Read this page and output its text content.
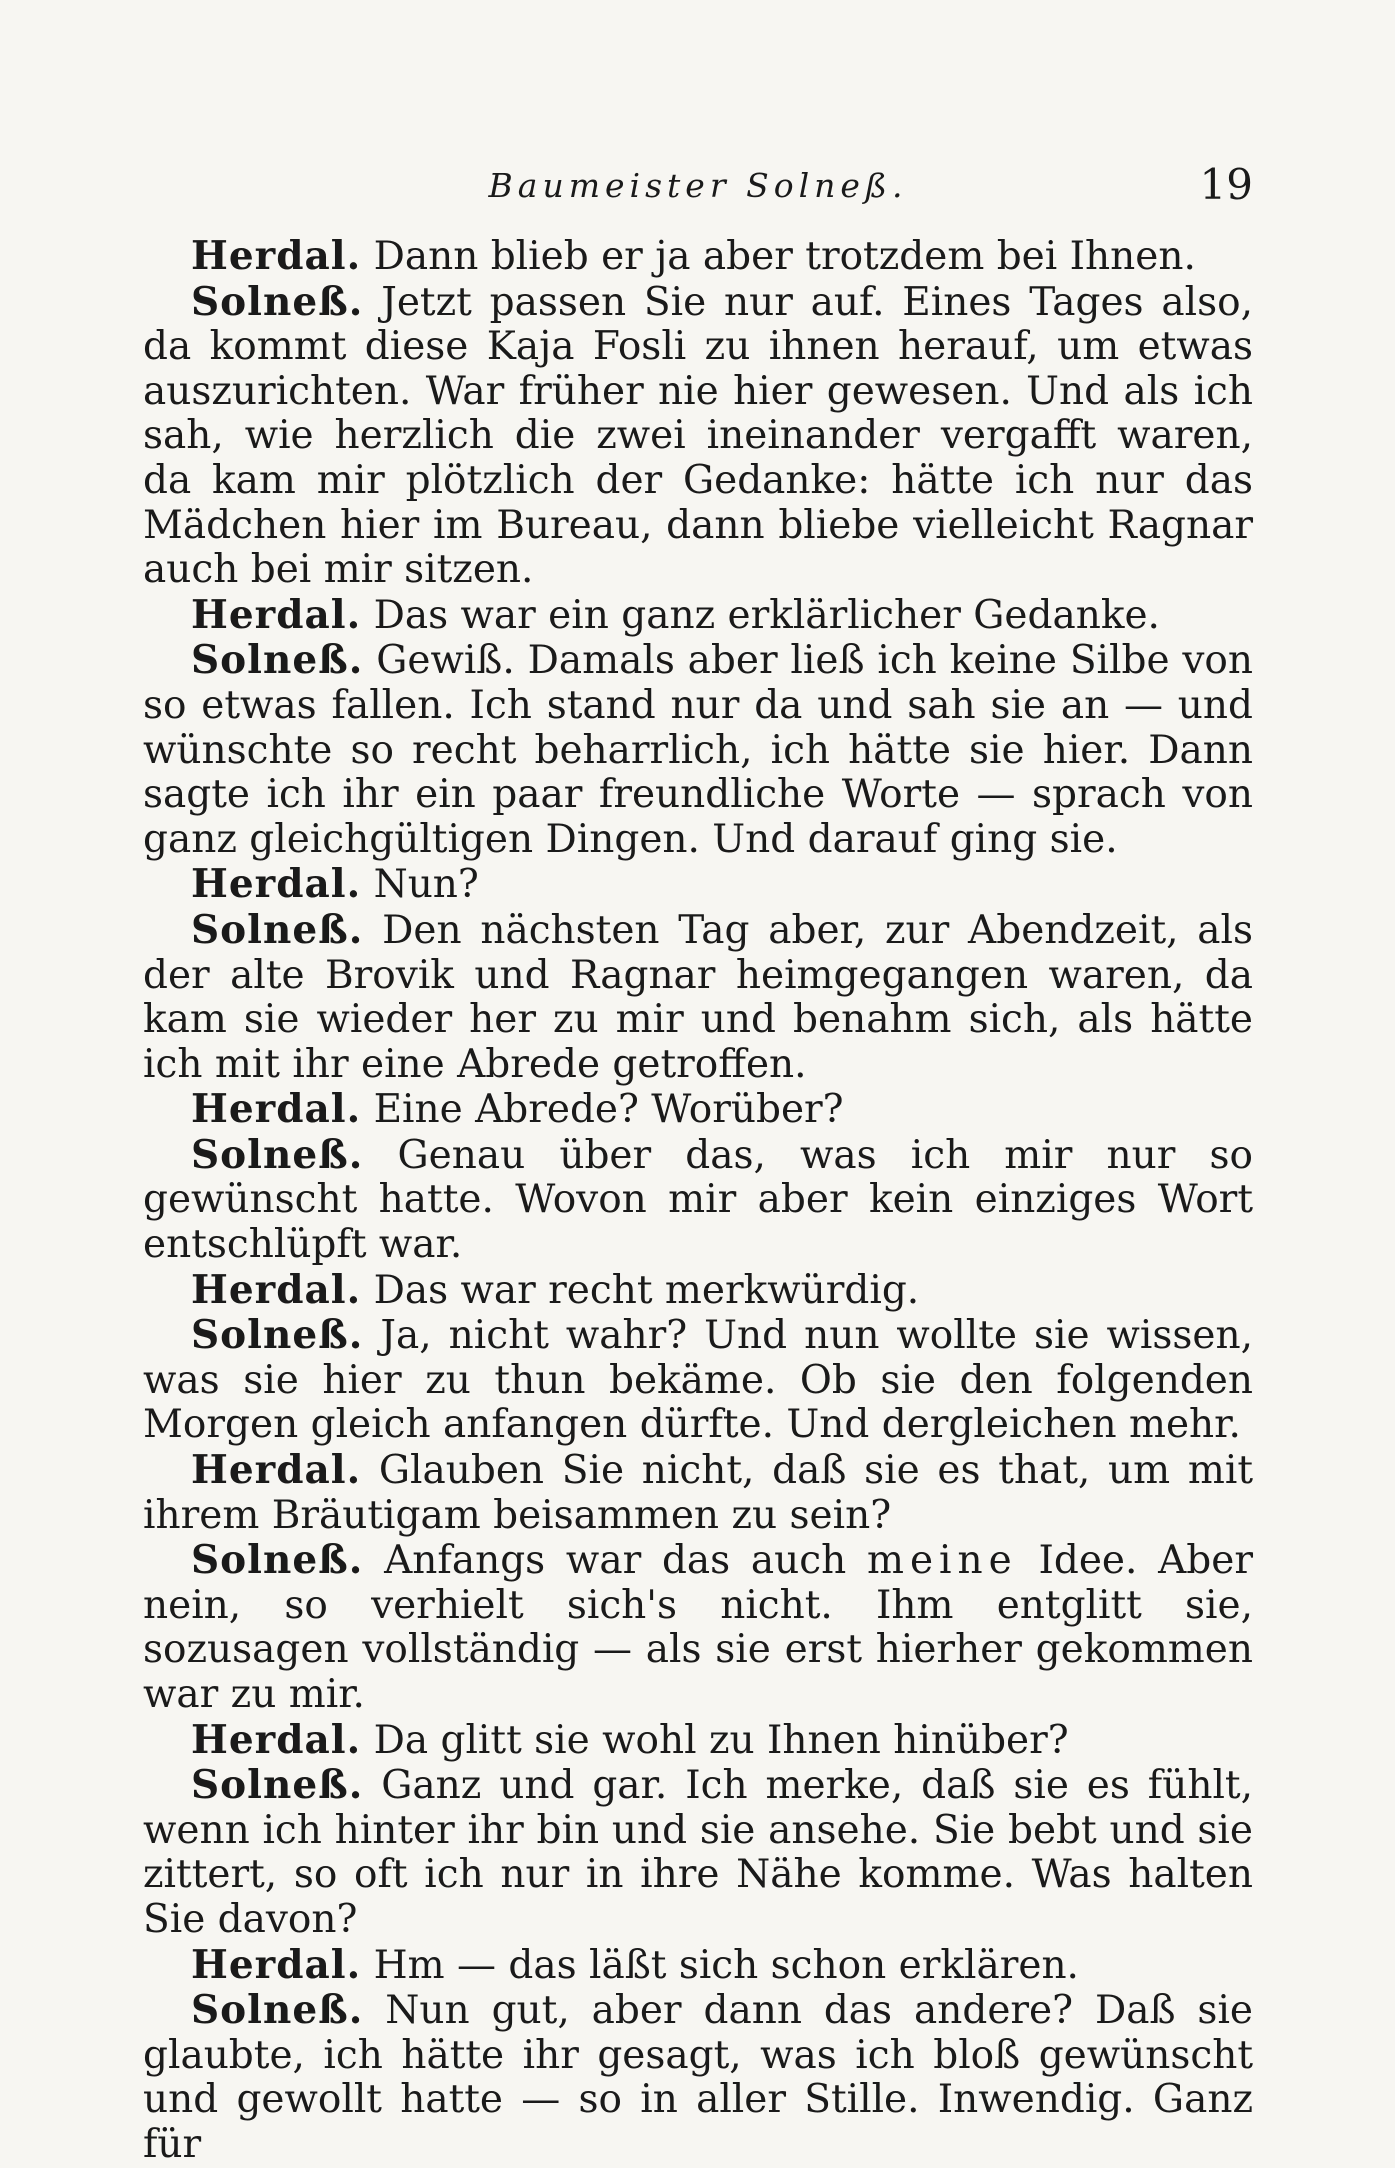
Baumeister Solneß.	19

Herdal. Dann blieb er ja aber trotzdem bei Ihnen.

Solneß. Jetzt passen Sie nur auf. Eines Tages also, da kommt diese Kaja Fosli zu ihnen herauf, um etwas auszurichten. War früher nie hier gewesen. Und als ich sah, wie herzlich die zwei ineinander vergafft waren, da kam mir plötzlich der Gedanke: hätte ich nur das Mädchen hier im Bureau, dann bliebe vielleicht Ragnar auch bei mir sitzen.

Herdal. Das war ein ganz erklärlicher Gedanke.

Solneß. Gewiß. Damals aber ließ ich keine Silbe von so etwas fallen. Ich stand nur da und sah sie an — und wünschte so recht beharrlich, ich hätte sie hier. Dann sagte ich ihr ein paar freundliche Worte — sprach von ganz gleichgültigen Dingen. Und darauf ging sie.

Herdal. Nun?

Solneß. Den nächsten Tag aber, zur Abendzeit, als der alte Brovik und Ragnar heimgegangen waren, da kam sie wieder her zu mir und benahm sich, als hätte ich mit ihr eine Abrede getroffen.

Herdal. Eine Abrede? Worüber?

Solneß. Genau über das, was ich mir nur so gewünscht hatte. Wovon mir aber kein einziges Wort entschlüpft war.

Herdal. Das war recht merkwürdig.

Solneß. Ja, nicht wahr? Und nun wollte sie wissen, was sie hier zu thun bekäme. Ob sie den folgenden Morgen gleich anfangen dürfte. Und dergleichen mehr.

Herdal. Glauben Sie nicht, daß sie es that, um mit ihrem Bräutigam beisammen zu sein?

Solneß. Anfangs war das auch meine Idee. Aber nein, so verhielt sich's nicht. Ihm entglitt sie, sozusagen vollständig — als sie erst hierher gekommen war zu mir.

Herdal. Da glitt sie wohl zu Ihnen hinüber?

Solneß. Ganz und gar. Ich merke, daß sie es fühlt, wenn ich hinter ihr bin und sie ansehe. Sie bebt und sie zittert, so oft ich nur in ihre Nähe komme. Was halten Sie davon?

Herdal. Hm — das läßt sich schon erklären.

Solneß. Nun gut, aber dann das andere? Daß sie glaubte, ich hätte ihr gesagt, was ich bloß gewünscht und gewollt hatte — so in aller Stille. Inwendig. Ganz für
